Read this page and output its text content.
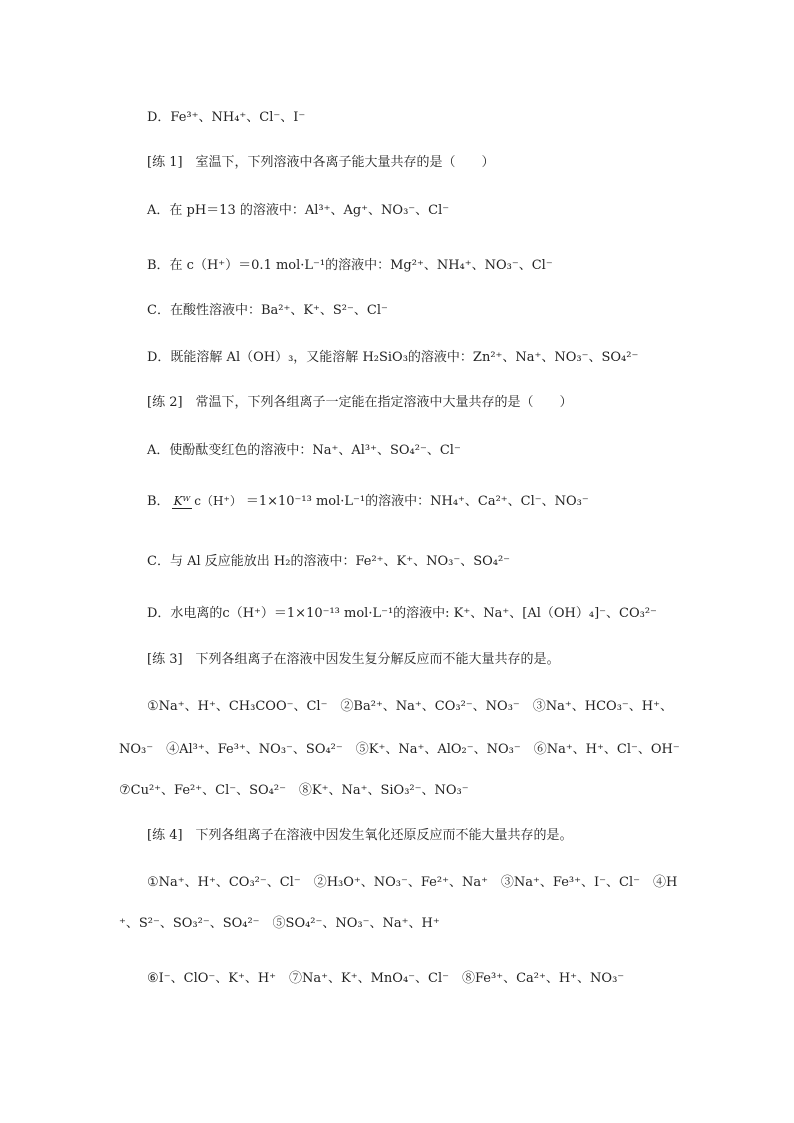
D．Fe³⁺、NH₄⁺、Cl⁻、I⁻
[练 1]　室温下，下列溶液中各离子能大量共存的是（　　）
A．在 pH＝13 的溶液中：Al³⁺、Ag⁺、NO₃⁻、Cl⁻
B．在 c（H⁺）＝0.1 mol·L⁻¹的溶液中：Mg²⁺、NH₄⁺、NO₃⁻、Cl⁻
C．在酸性溶液中：Ba²⁺、K⁺、S²⁻、Cl⁻
D．既能溶解 Al（OH）₃，又能溶解 H₂SiO₃的溶液中：Zn²⁺、Na⁺、NO₃⁻、SO₄²⁻
[练 2]　常温下，下列各组离子一定能在指定溶液中大量共存的是（　　）
A．使酚酞变红色的溶液中：Na⁺、Al³⁺、SO₄²⁻、Cl⁻
B． Kᵂ c（H⁺） ＝1×10⁻¹³ mol·L⁻¹的溶液中：NH₄⁺、Ca²⁺、Cl⁻、NO₃⁻
C．与 Al 反应能放出 H₂的溶液中：Fe²⁺、K⁺、NO₃⁻、SO₄²⁻
D．水电离的c（H⁺）＝1×10⁻¹³ mol·L⁻¹的溶液中: K⁺、Na⁺、[Al（OH）₄]⁻、CO₃²⁻
[练 3]　下列各组离子在溶液中因发生复分解反应而不能大量共存的是。
①Na⁺、H⁺、CH₃COO⁻、Cl⁻　②Ba²⁺、Na⁺、CO₃²⁻、NO₃⁻　③Na⁺、HCO₃⁻、H⁺、
NO₃⁻　④Al³⁺、Fe³⁺、NO₃⁻、SO₄²⁻　⑤K⁺、Na⁺、AlO₂⁻、NO₃⁻　⑥Na⁺、H⁺、Cl⁻、OH⁻
⑦Cu²⁺、Fe²⁺、Cl⁻、SO₄²⁻　⑧K⁺、Na⁺、SiO₃²⁻、NO₃⁻
[练 4]　下列各组离子在溶液中因发生氧化还原反应而不能大量共存的是。
①Na⁺、H⁺、CO₃²⁻、Cl⁻　②H₃O⁺、NO₃⁻、Fe²⁺、Na⁺　③Na⁺、Fe³⁺、I⁻、Cl⁻　④H
⁺、S²⁻、SO₃²⁻、SO₄²⁻　⑤SO₄²⁻、NO₃⁻、Na⁺、H⁺
⑥I⁻、ClO⁻、K⁺、H⁺　⑦Na⁺、K⁺、MnO₄⁻、Cl⁻　⑧Fe³⁺、Ca²⁺、H⁺、NO₃⁻
